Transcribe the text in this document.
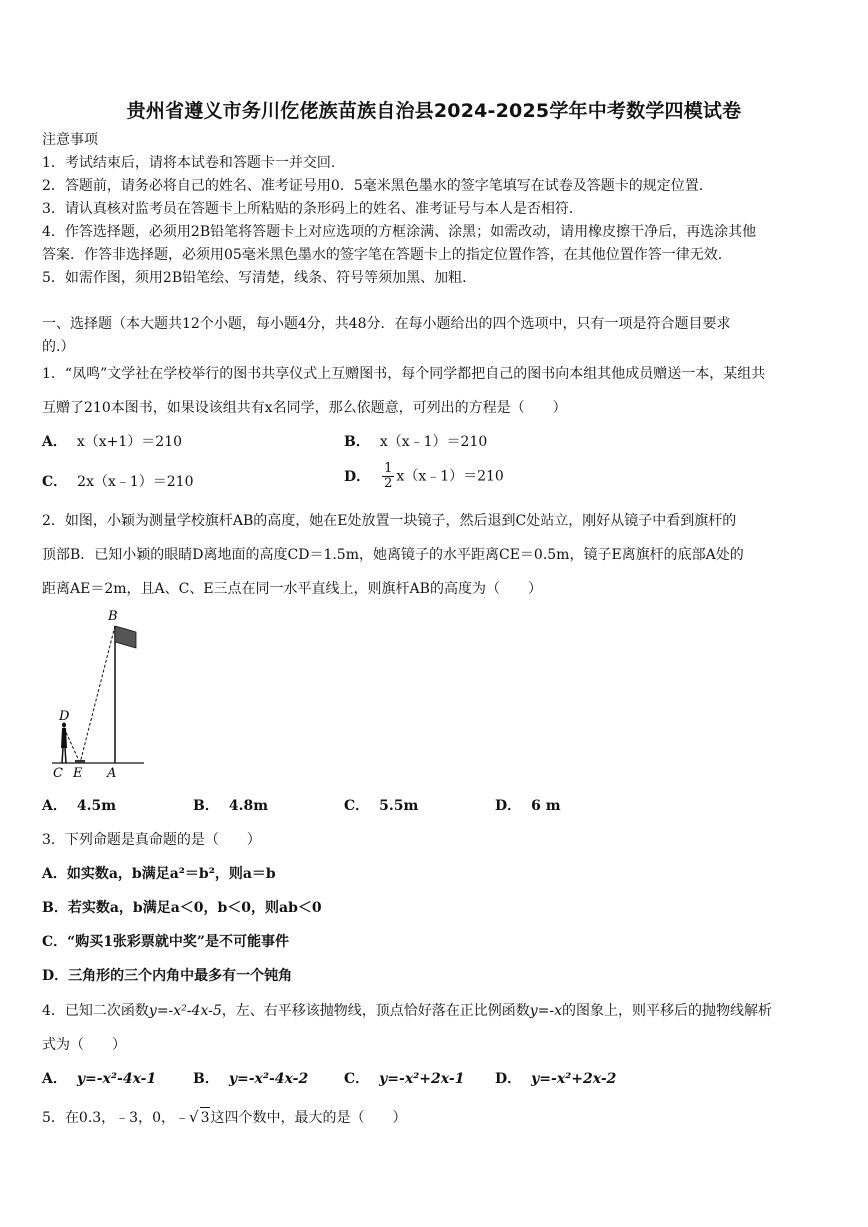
贵州省遵义市务川仡佬族苗族自治县2024-2025学年中考数学四模试卷
注意事项
1．考试结束后，请将本试卷和答题卡一并交回.
2．答题前，请务必将自己的姓名、准考证号用0．5毫米黑色墨水的签字笔填写在试卷及答题卡的规定位置.
3．请认真核对监考员在答题卡上所粘贴的条形码上的姓名、准考证号与本人是否相符.
4．作答选择题，必须用2B铅笔将答题卡上对应选项的方框涂满、涂黑；如需改动，请用橡皮擦干净后，再选涂其他
答案．作答非选择题，必须用05毫米黑色墨水的签字笔在答题卡上的指定位置作答，在其他位置作答一律无效.
5．如需作图，须用2B铅笔绘、写清楚，线条、符号等须加黑、加粗.
一、选择题（本大题共12个小题，每小题4分，共48分．在每小题给出的四个选项中，只有一项是符合题目要求
的.）
1．“凤鸣”文学社在学校举行的图书共享仪式上互赠图书，每个同学都把自己的图书向本组其他成员赠送一本，某组共
互赠了210本图书，如果设该组共有x名同学，那么依题意，可列出的方程是（　　）
A． x（x+1）＝210	B． x（x﹣1）＝210
C． 2x（x﹣1）＝210	D． $\frac{1}{2}$ x（x﹣1）＝210
2．如图，小颖为测量学校旗杆AB的高度，她在E处放置一块镜子，然后退到C处站立，刚好从镜子中看到旗杆的
顶部B．已知小颖的眼睛D离地面的高度CD＝1.5m，她离镜子的水平距离CE＝0.5m，镜子E离旗杆的底部A处的
距离AE＝2m，且A、C、E三点在同一水平直线上，则旗杆AB的高度为（　　）
B
D
C E A
A． 4.5m	B． 4.8m	C． 5.5m	D． 6 m
3．下列命题是真命题的是（　　）
A．如实数a，b满足a²＝b²，则a＝b
B．若实数a，b满足a＜0，b＜0，则ab＜0
C．“购买1张彩票就中奖”是不可能事件
D．三角形的三个内角中最多有一个钝角
4．已知二次函数y=-x²-4x-5，左、右平移该抛物线，顶点恰好落在正比例函数y=-x的图象上，则平移后的抛物线解析
式为（　　）
A． y=-x²-4x-1	B． y=-x²-4x-2	C． y=-x²+2x-1 D． y=-x²+2x-2
5．在0.3，﹣3，0，﹣√ 3这四个数中，最大的是（　　）
